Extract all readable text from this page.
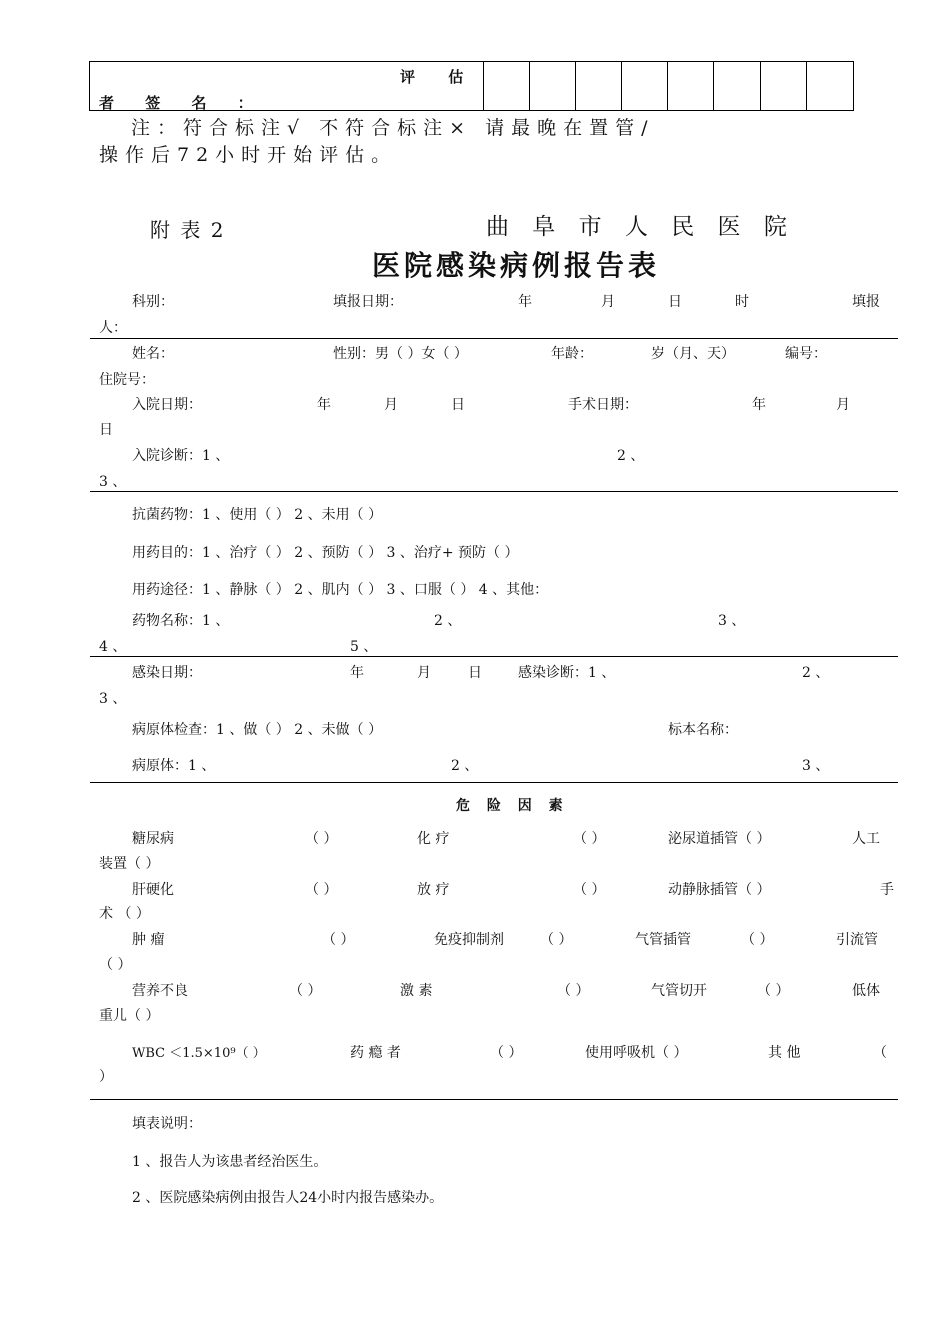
评 估
者 签 名 ：
注：符合标注√ 不符合标注× 请最晚在置管/
操作后72小时开始评估。
附 表 2	曲 阜 市 人 民 医 院
医院感染病例报告表
科别：	填报日期：	年	月	日	时	填报
人：
姓名：	性别：男（ ）女（ ）	年龄：	岁（月、天）	编号：
住院号：
入院日期：	年	月	日	手术日期：	年	月
日
入院诊断：1 、	2 、
3 、
抗菌药物：1 、使用（ ） 2 、未用（ ）
用药目的：1 、治疗（ ） 2 、预防（ ） 3 、治疗+ 预防（ ）
用药途径：1 、静脉（ ） 2 、肌内（ ） 3 、口服（ ） 4 、其他：
药物名称：1 、	2 、	3 、
4 、	5 、
感染日期：	年	月	日	感染诊断：1 、	2 、
3 、
病原体检查：1 、做（ ） 2 、未做（ ）	标本名称：
病原体：1 、	2 、	3 、
危 险 因 素
糖尿病	（ ）	化 疗	（ ）	泌尿道插管（ ）	人工
装置（ ）
肝硬化	（ ）	放 疗	（ ）	动静脉插管（ ）	手
术 （ ）
肿 瘤	（ ）	免疫抑制剂	（ ）	气管插管	（ ）	引流管
（ ）
营养不良	（ ）	激 素	（ ）	气管切开	（ ）	低体
重儿（ ）
WBC ＜1.5×10⁹（ ）	药 瘾 者	（ ）	使用呼吸机（ ）	其 他	（
）
填表说明：
1 、报告人为该患者经治医生。
2 、医院感染病例由报告人24小时内报告感染办。
